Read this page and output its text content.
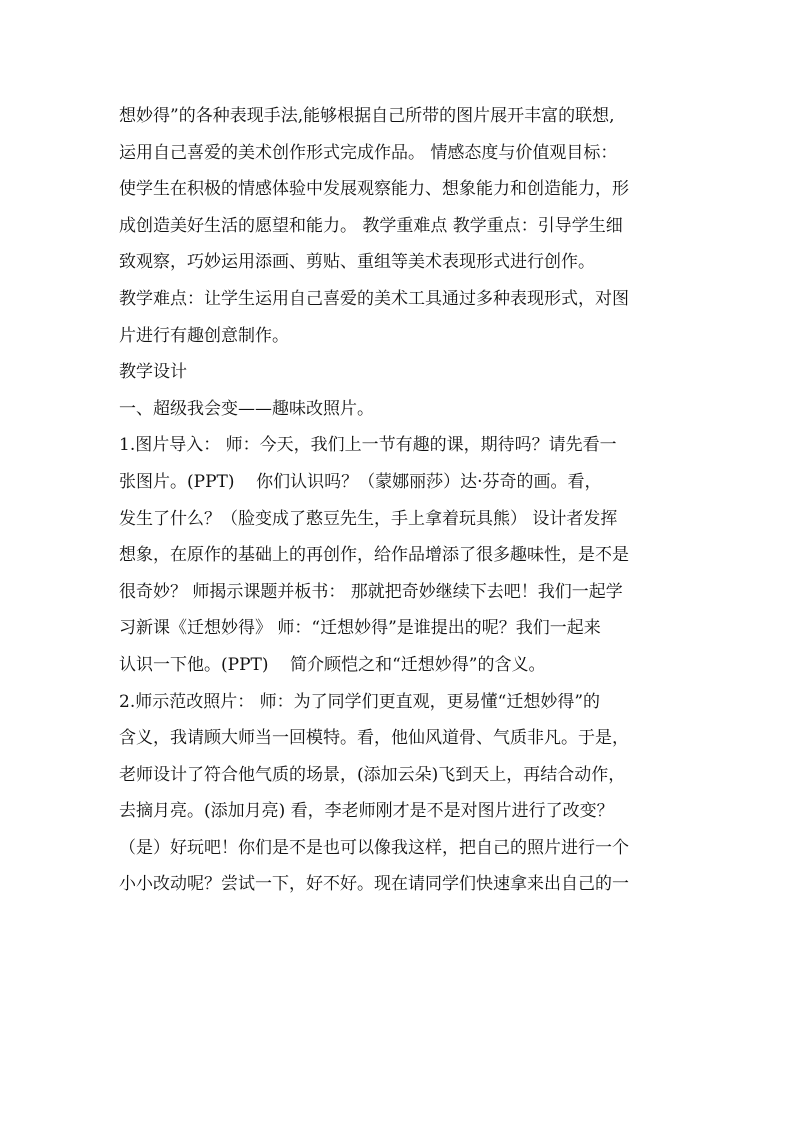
想妙得”的各种表现手法,能够根据自己所带的图片展开丰富的联想,
运用自己喜爱的美术创作形式完成作品。 情感态度与价值观目标：
使学生在积极的情感体验中发展观察能力、想象能力和创造能力，形
成创造美好生活的愿望和能力。 教学重难点 教学重点：引导学生细
致观察，巧妙运用添画、剪贴、重组等美术表现形式进行创作。
教学难点：让学生运用自己喜爱的美术工具通过多种表现形式，对图
片进行有趣创意制作。
教学设计
一、超级我会变——趣味改照片。
1.图片导入： 师：今天，我们上一节有趣的课，期待吗？请先看一
张图片。(PPT)    你们认识吗？（蒙娜丽莎）达·芬奇的画。看，
发生了什么？（脸变成了憨豆先生，手上拿着玩具熊） 设计者发挥
想象，在原作的基础上的再创作，给作品增添了很多趣味性，是不是
很奇妙？ 师揭示课题并板书： 那就把奇妙继续下去吧！我们一起学
习新课《迁想妙得》 师：“迁想妙得”是谁提出的呢？我们一起来
认识一下他。(PPT)    简介顾恺之和“迁想妙得”的含义。
2.师示范改照片： 师：为了同学们更直观，更易懂“迁想妙得”的
含义，我请顾大师当一回模特。看，他仙风道骨、气质非凡。于是，
老师设计了符合他气质的场景，(添加云朵)飞到天上，再结合动作，
去摘月亮。(添加月亮) 看，李老师刚才是不是对图片进行了改变？
（是）好玩吧！你们是不是也可以像我这样，把自己的照片进行一个
小小改动呢？尝试一下，好不好。现在请同学们快速拿来出自己的一
